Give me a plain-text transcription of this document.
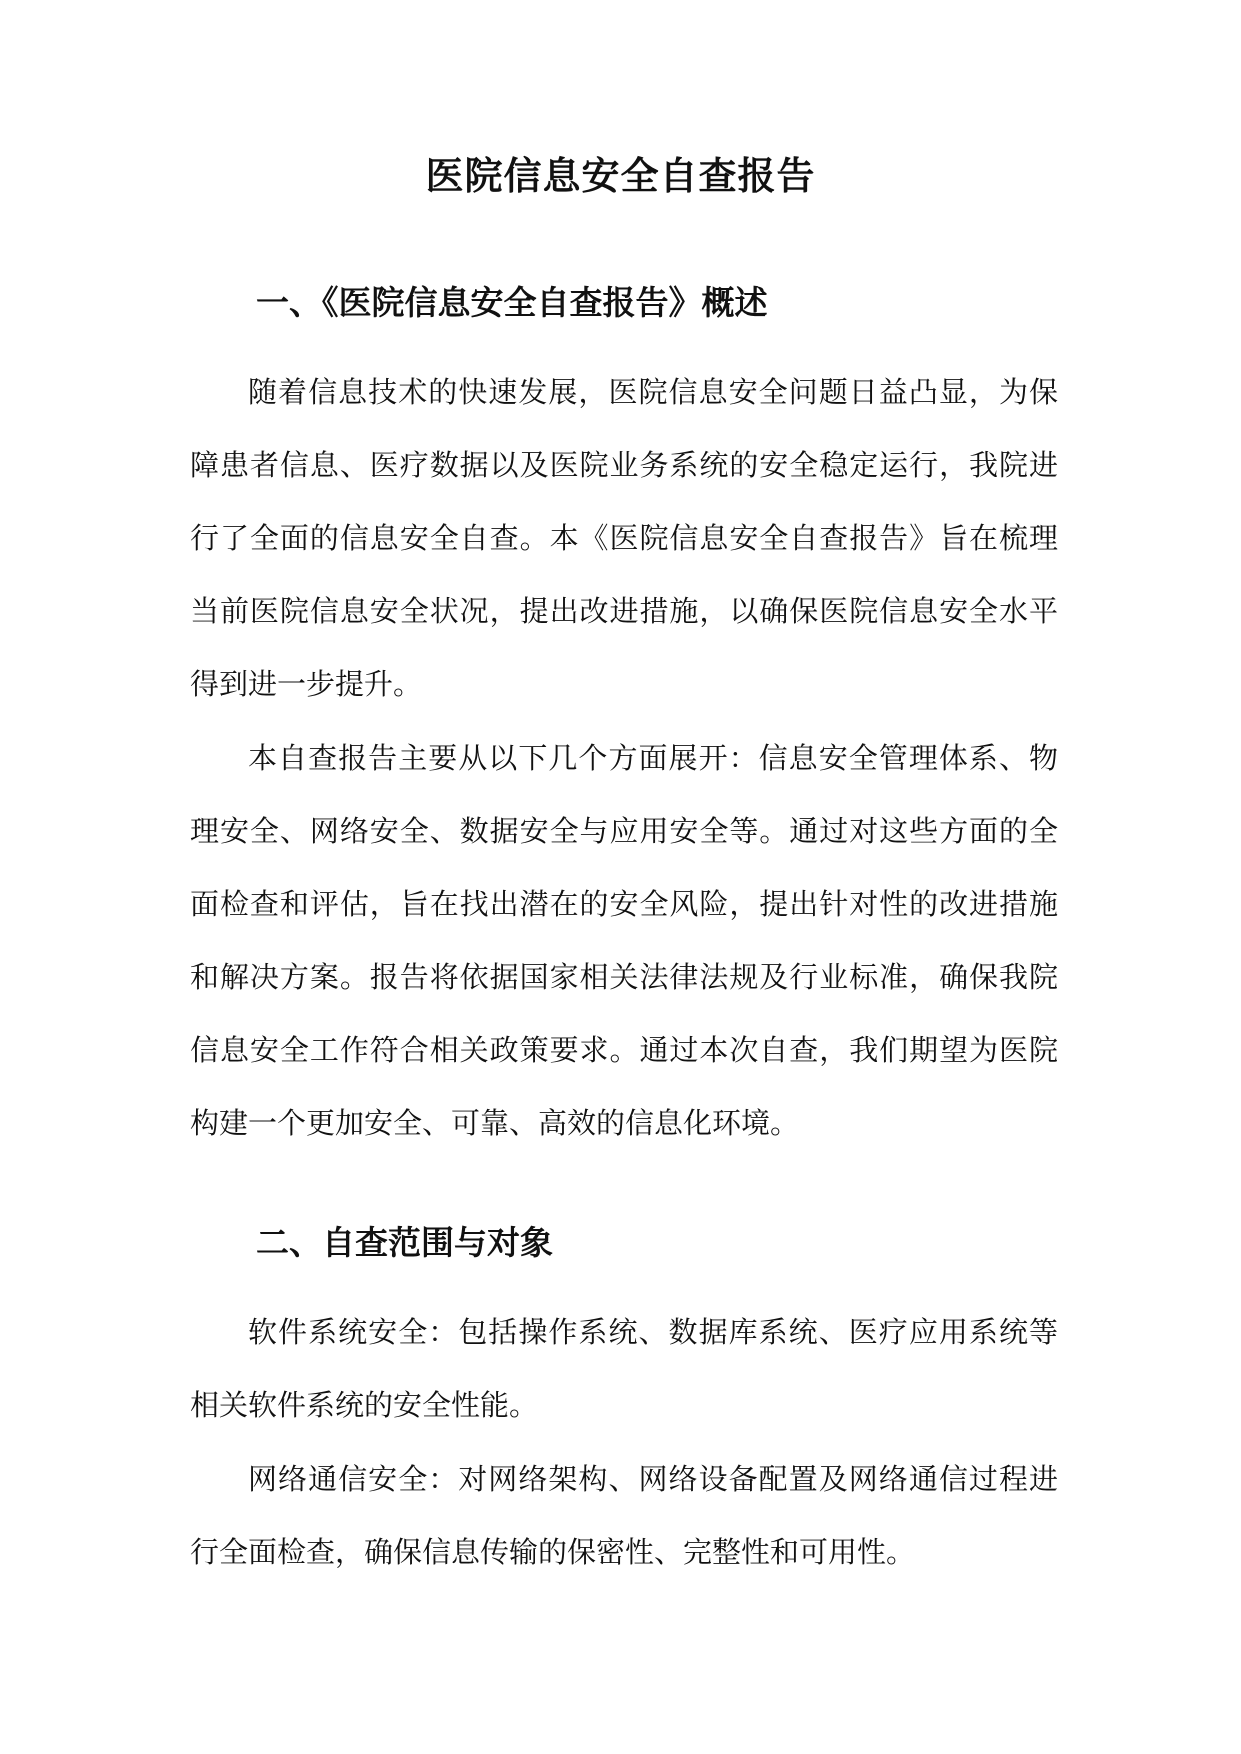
医院信息安全自查报告
一、《医院信息安全自查报告》概述

随着信息技术的快速发展，医院信息安全问题日益凸显，为保障患者信息、医疗数据以及医院业务系统的安全稳定运行，我院进行了全面的信息安全自查。本《医院信息安全自查报告》旨在梳理当前医院信息安全状况，提出改进措施，以确保医院信息安全水平得到进一步提升。

本自查报告主要从以下几个方面展开：信息安全管理体系、物理安全、网络安全、数据安全与应用安全等。通过对这些方面的全面检查和评估，旨在找出潜在的安全风险，提出针对性的改进措施和解决方案。报告将依据国家相关法律法规及行业标准，确保我院信息安全工作符合相关政策要求。通过本次自查，我们期望为医院构建一个更加安全、可靠、高效的信息化环境。

二、自查范围与对象

软件系统安全：包括操作系统、数据库系统、医疗应用系统等相关软件系统的安全性能。

网络通信安全：对网络架构、网络设备配置及网络通信过程进行全面检查，确保信息传输的保密性、完整性和可用性。
